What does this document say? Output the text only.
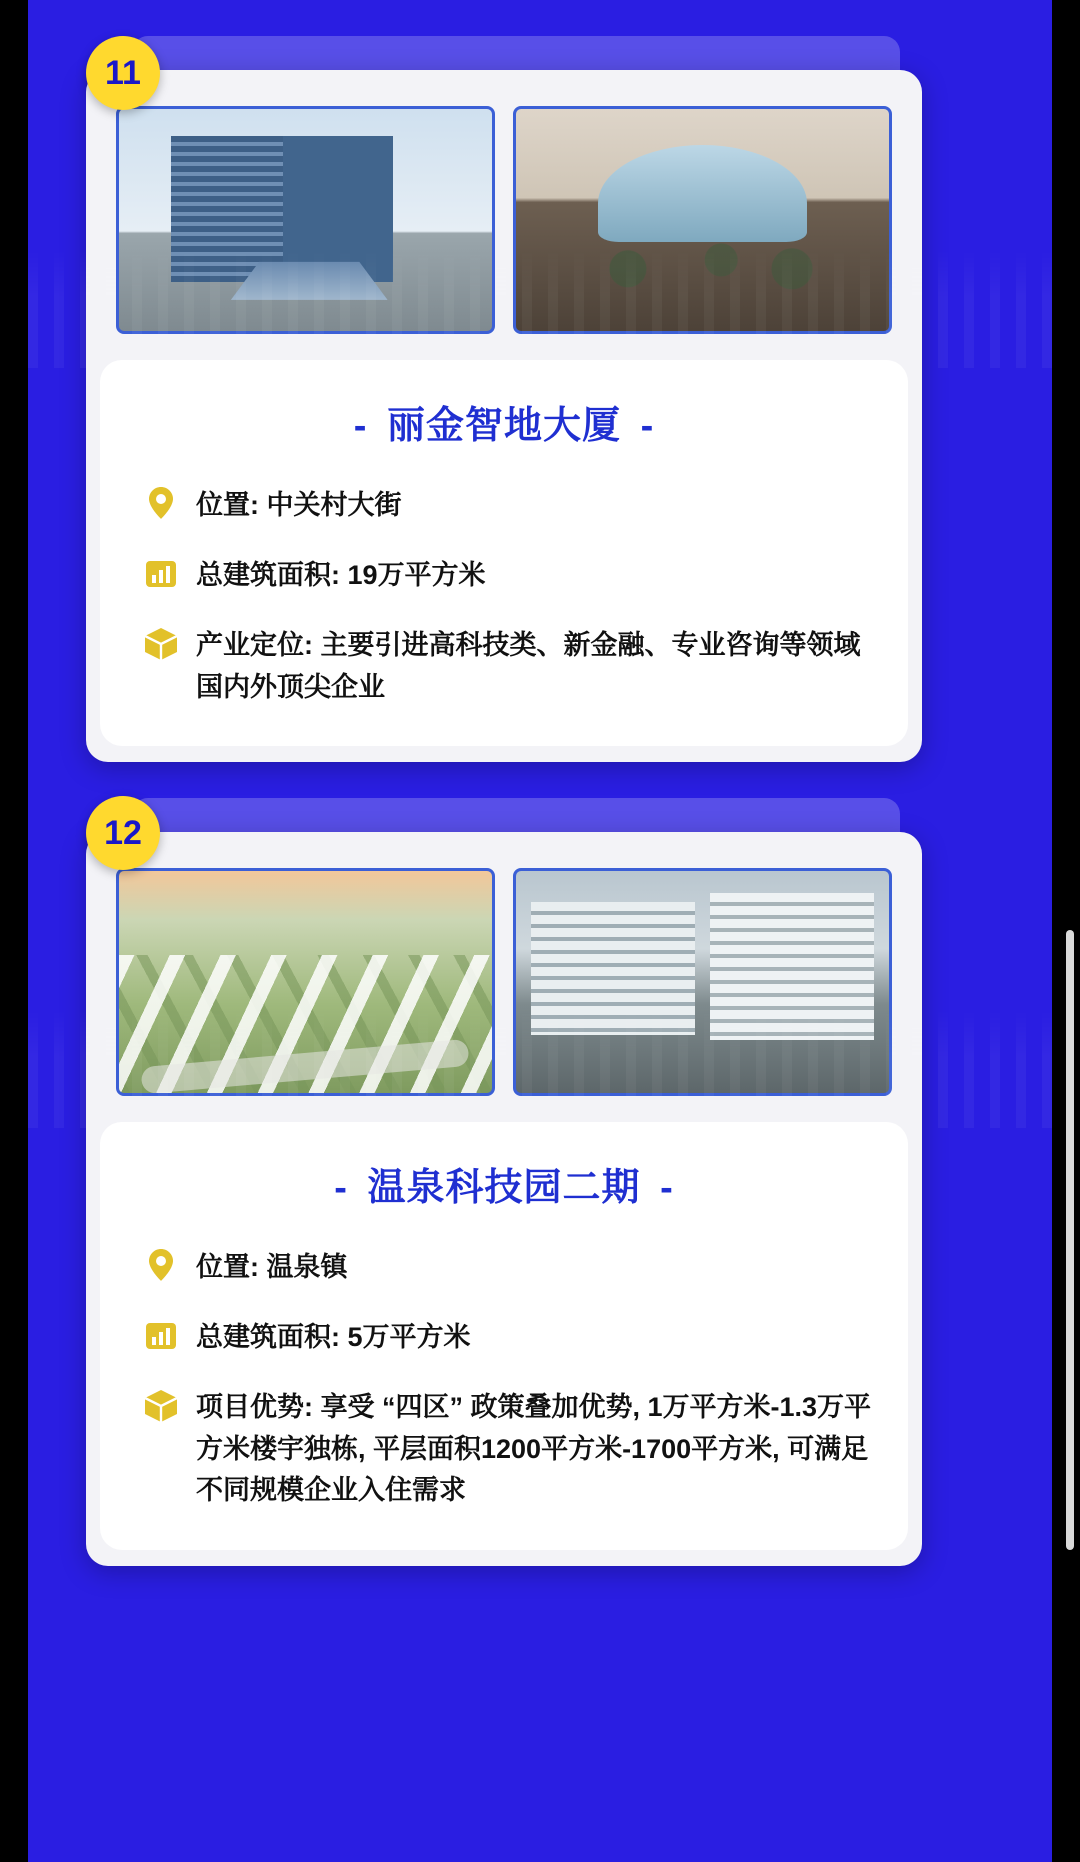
11
- 丽金智地大厦 -
位置: 中关村大街
总建筑面积: 19万平方米
产业定位: 主要引进高科技类、新金融、专业咨询等领域国内外顶尖企业
12
- 温泉科技园二期 -
位置: 温泉镇
总建筑面积: 5万平方米
项目优势: 享受 “四区” 政策叠加优势, 1万平方米-1.3万平方米楼宇独栋, 平层面积1200平方米-1700平方米, 可满足不同规模企业入住需求
